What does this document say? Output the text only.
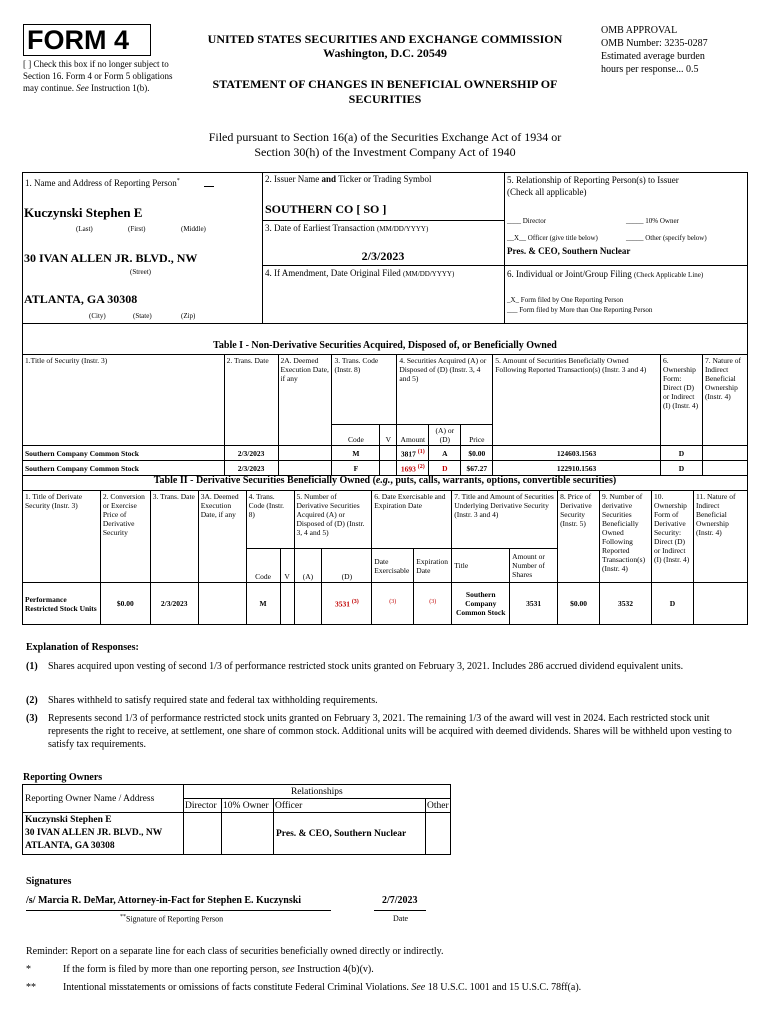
FORM 4
[ ] Check this box if no longer subject to Section 16. Form 4 or Form 5 obligations may continue. See Instruction 1(b).
UNITED STATES SECURITIES AND EXCHANGE COMMISSION
Washington, D.C. 20549
STATEMENT OF CHANGES IN BENEFICIAL OWNERSHIP OF
SECURITIES
OMB APPROVAL
OMB Number: 3235-0287
Estimated average burden
hours per response... 0.5
Filed pursuant to Section 16(a) of the Securities Exchange Act of 1934 or
Section 30(h) of the Investment Company Act of 1940
1. Name and Address of Reporting Person*
Kuczynski Stephen E
(Last)	(First)	(Middle)
30 IVAN ALLEN JR. BLVD., NW
(Street)
ATLANTA, GA 30308
(City)	(State)	(Zip)
2. Issuer Name and Ticker or Trading Symbol
SOUTHERN CO [ SO ]
3. Date of Earliest Transaction (MM/DD/YYYY)
2/3/2023
4. If Amendment, Date Original Filed (MM/DD/YYYY)
5. Relationship of Reporting Person(s) to Issuer
(Check all applicable)
____ Director	_____ 10% Owner
__X__ Officer (give title below)	_____ Other (specify below)
Pres. & CEO, Southern Nuclear
6. Individual or Joint/Group Filing (Check Applicable Line)
_X_ Form filed by One Reporting Person
___ Form filed by More than One Reporting Person
Table I - Non-Derivative Securities Acquired, Disposed of, or Beneficially Owned
1.Title of Security (Instr. 3)	2. Trans. Date	2A. Deemed Execution Date, if any	3. Trans. Code (Instr. 8)		4. Securities Acquired (A) or Disposed of (D) (Instr. 3, 4 and 5)			5. Amount of Securities Beneficially Owned Following Reported Transaction(s) (Instr. 3 and 4)	6. Ownership Form: Direct (D) or Indirect (I) (Instr. 4)	7. Nature of Indirect Beneficial Ownership (Instr. 4)
			Code	V	Amount	(A) or (D)	Price			
Southern Company Common Stock	2/3/2023		M		3817 $^{(1)}$	A	$0.00	124603.1563	D	
Southern Company Common Stock	2/3/2023		F		1693 $^{(2)}$	D	$67.27	122910.1563	D	
Table II - Derivative Securities Beneficially Owned (e.g., puts, calls, warrants, options, convertible securities)
1. Title of Derivate Security (Instr. 3)	2. Conversion or Exercise Price of Derivative Security	3. Trans. Date	3A. Deemed Execution Date, if any	4. Trans. Code (Instr. 8)		5. Number of Derivative Securities Acquired (A) or Disposed of (D) (Instr. 3, 4 and 5)		6. Date Exercisable and Expiration Date		7. Title and Amount of Securities Underlying Derivative Security (Instr. 3 and 4)		8. Price of Derivative Security (Instr. 5)	9. Number of derivative Securities Beneficially Owned Following Reported Transaction(s) (Instr. 4)	10. Ownership Form of Derivative Security: Direct (D) or Indirect (I) (Instr. 4)	11. Nature of Indirect Beneficial Ownership (Instr. 4)
				Code	V	(A)	(D)	Date Exercisable	Expiration Date	Title	Amount or Number of Shares				
Performance Restricted Stock Units	$0.00	2/3/2023		M			3531 $^{(3)}$	$^{(3)}$	$^{(3)}$	Southern Company Common Stock	3531	$0.00	3532	D	
Explanation of Responses:
(1)	Shares acquired upon vesting of second 1/3 of performance restricted stock units granted on February 3, 2021. Includes 286 accrued dividend equivalent units.
(2)	Shares withheld to satisfy required state and federal tax withholding requirements.
(3)	Represents second 1/3 of performance restricted stock units granted on February 3, 2021. The remaining 1/3 of the award will vest in 2024. Each restricted stock unit represents the right to receive, at settlement, one share of common stock. Additional units will be acquired with deemed dividends. Shares will be withheld upon vesting to satisfy tax requirements.
Reporting Owners
Reporting Owner Name / Address	Relationships			
	Director	10% Owner	Officer	Other

Kuczynski Stephen E
30 IVAN ALLEN JR. BLVD., NW
ATLANTA, GA 30308			Pres. & CEO, Southern Nuclear	
Signatures
/s/ Marcia R. DeMar, Attorney-in-Fact for Stephen E. Kuczynski	2/7/2023
**Signature of Reporting Person	Date
Reminder: Report on a separate line for each class of securities beneficially owned directly or indirectly.
*	If the form is filed by more than one reporting person, see Instruction 4(b)(v).
**	Intentional misstatements or omissions of facts constitute Federal Criminal Violations. See 18 U.S.C. 1001 and 15 U.S.C. 78ff(a).
